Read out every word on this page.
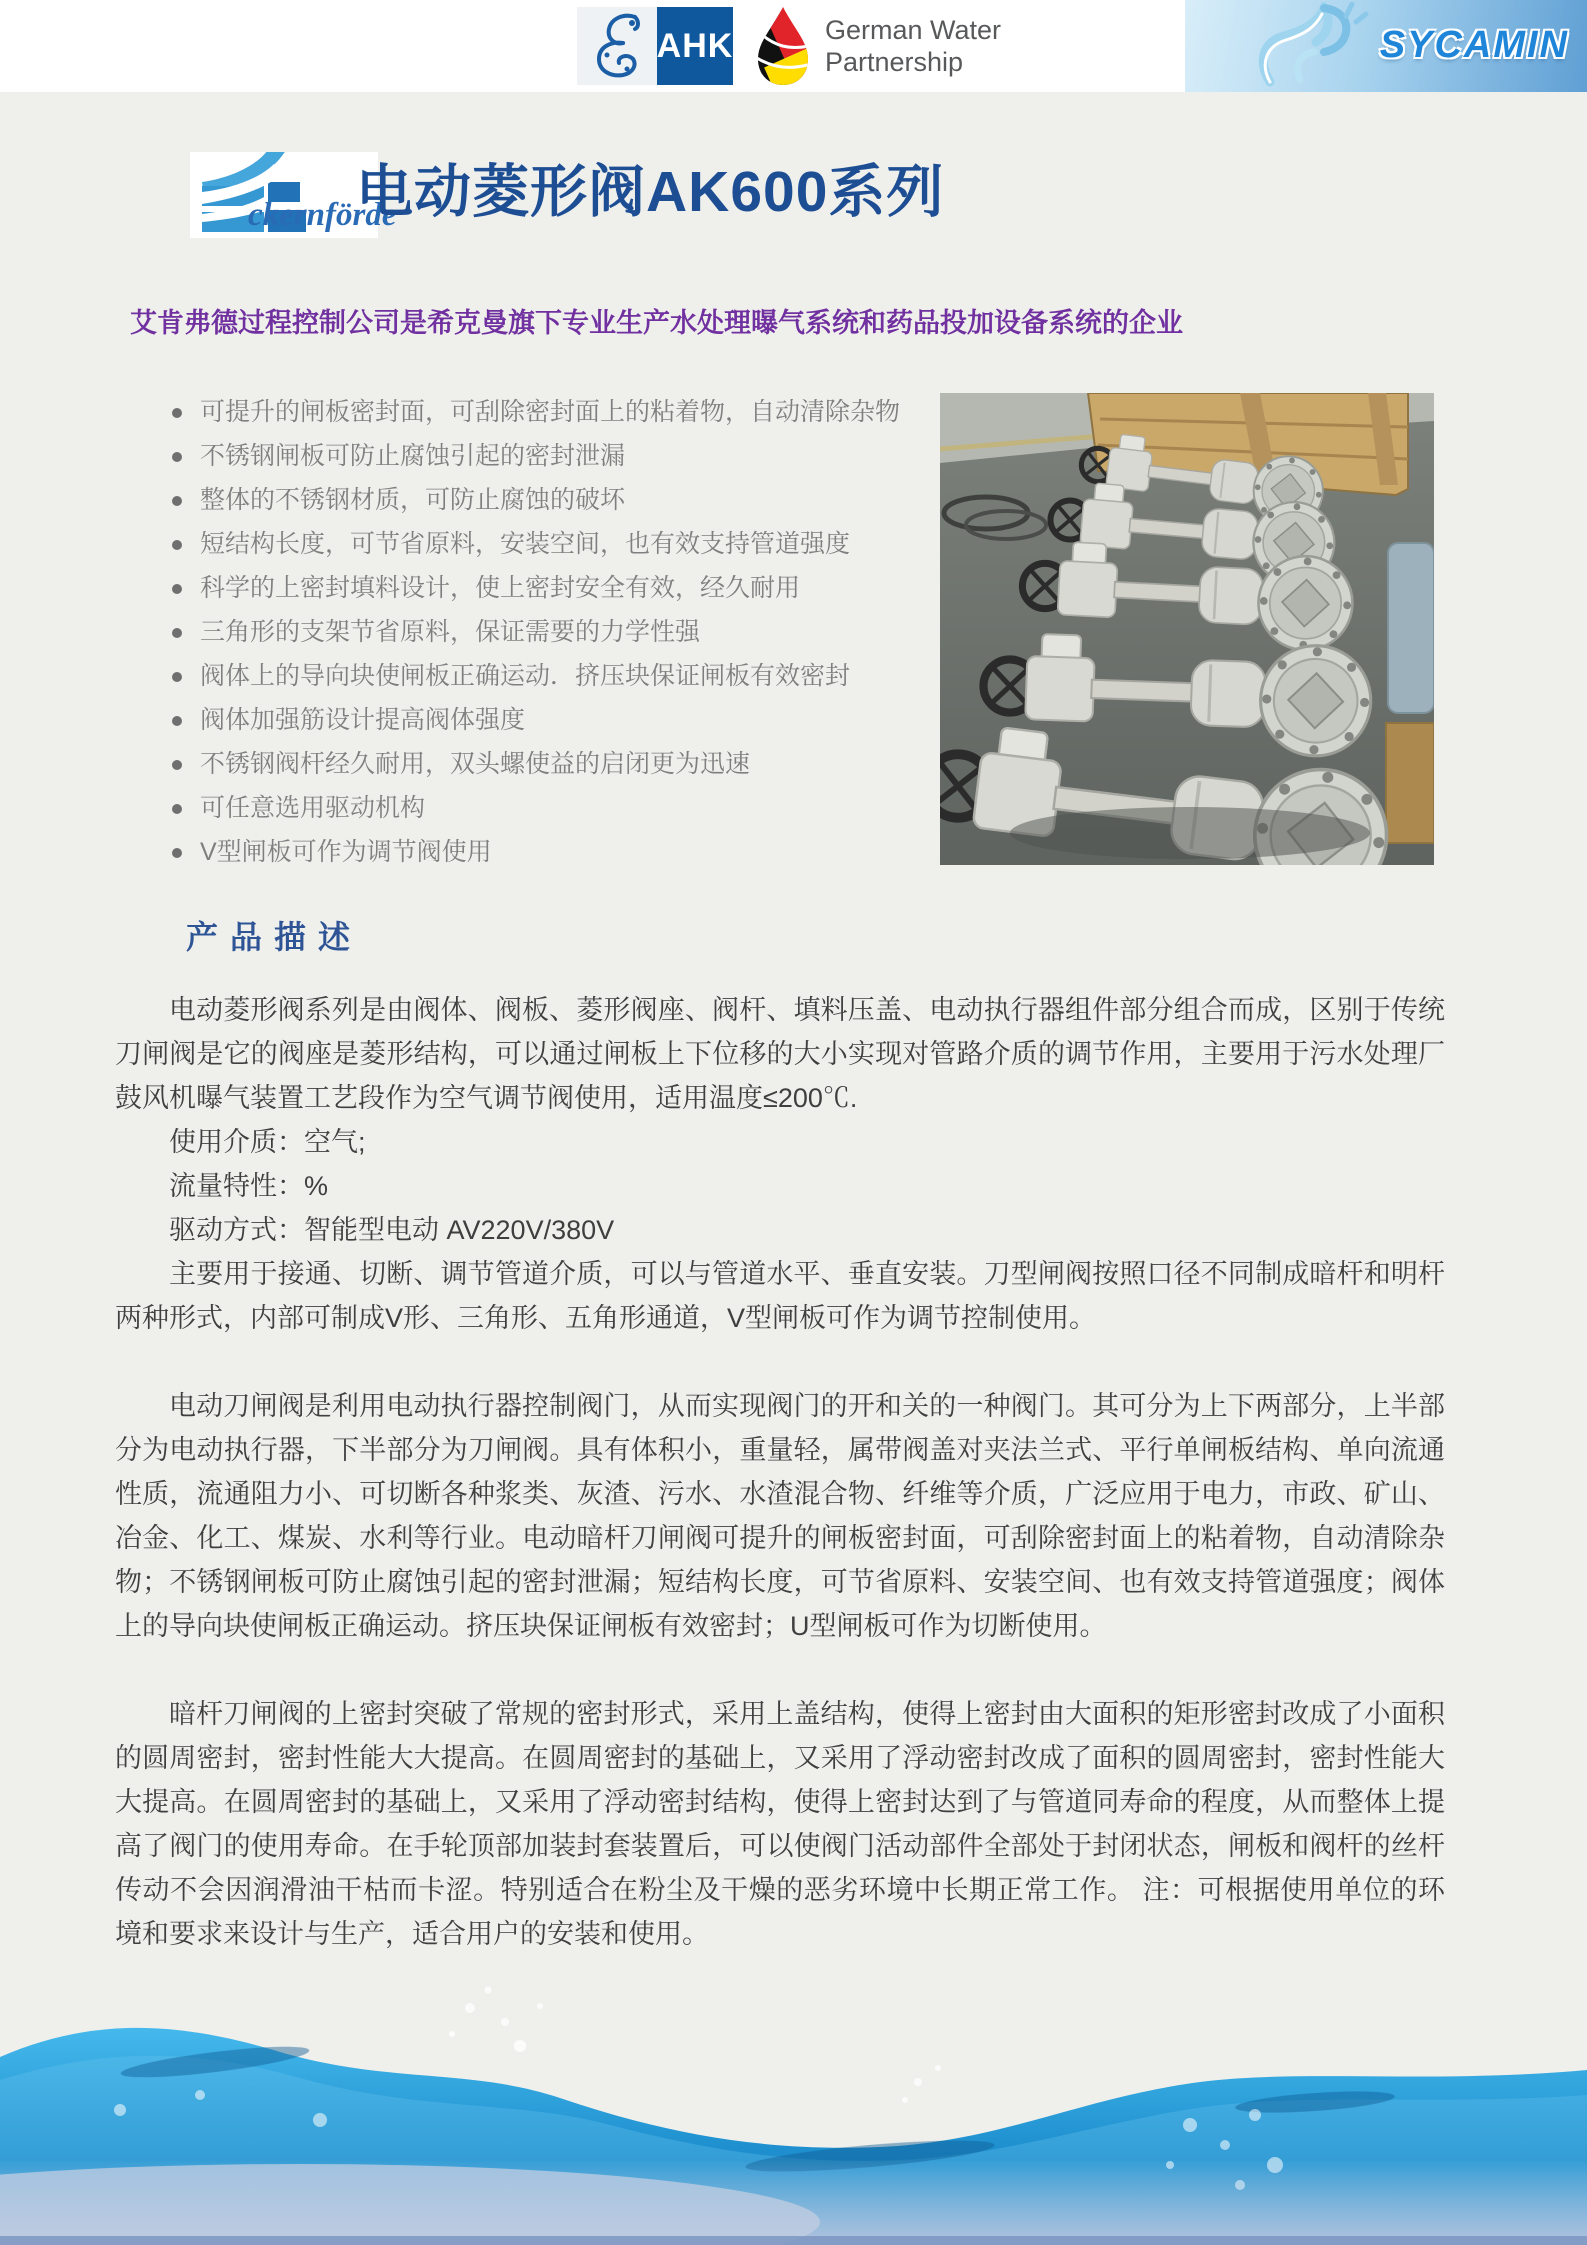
AHK	German Water
Partnership	SYCAMIN
ckernförde
电动菱形阀AK600系列
艾肯弗德过程控制公司是希克曼旗下专业生产水处理曝气系统和药品投加设备系统的企业
可提升的闸板密封面，可刮除密封面上的粘着物，自动清除杂物
不锈钢闸板可防止腐蚀引起的密封泄漏
整体的不锈钢材质，可防止腐蚀的破坏
短结构长度，可节省原料，安装空间，也有效支持管道强度
科学的上密封填料设计，使上密封安全有效，经久耐用
三角形的支架节省原料，保证需要的力学性强
阀体上的导向块使闸板正确运动．挤压块保证闸板有效密封
阀体加强筋设计提高阀体强度
不锈钢阀杆经久耐用，双头螺使益的启闭更为迅速
可任意选用驱动机构
V型闸板可作为调节阀使用
产品描述

电动菱形阀系列是由阀体、阀板、菱形阀座、阀杆、填料压盖、电动执行器组件部分组合而成，区别于传统刀闸阀是它的阀座是菱形结构，可以通过闸板上下位移的大小实现对管路介质的调节作用，主要用于污水处理厂鼓风机曝气装置工艺段作为空气调节阀使用，适用温度≤200℃.

使用介质：空气;
流量特性：%
驱动方式：智能型电动 AV220V/380V

主要用于接通、切断、调节管道介质，可以与管道水平、垂直安装。刀型闸阀按照口径不同制成暗杆和明杆两种形式，内部可制成V形、三角形、五角形通道，V型闸板可作为调节控制使用。

电动刀闸阀是利用电动执行器控制阀门，从而实现阀门的开和关的一种阀门。其可分为上下两部分，上半部分为电动执行器，下半部分为刀闸阀。具有体积小，重量轻，属带阀盖对夹法兰式、平行单闸板结构、单向流通性质，流通阻力小、可切断各种浆类、灰渣、污水、水渣混合物、纤维等介质，广泛应用于电力，市政、矿山、冶金、化工、煤炭、水利等行业。电动暗杆刀闸阀可提升的闸板密封面，可刮除密封面上的粘着物，自动清除杂物；不锈钢闸板可防止腐蚀引起的密封泄漏；短结构长度，可节省原料、安装空间、也有效支持管道强度；阀体上的导向块使闸板正确运动。挤压块保证闸板有效密封；U型闸板可作为切断使用。

暗杆刀闸阀的上密封突破了常规的密封形式，采用上盖结构，使得上密封由大面积的矩形密封改成了小面积的圆周密封，密封性能大大提高。在圆周密封的基础上，又采用了浮动密封改成了面积的圆周密封，密封性能大大提高。在圆周密封的基础上，又采用了浮动密封结构，使得上密封达到了与管道同寿命的程度，从而整体上提高了阀门的使用寿命。在手轮顶部加装封套装置后，可以使阀门活动部件全部处于封闭状态，闸板和阀杆的丝杆传动不会因润滑油干枯而卡涩。特别适合在粉尘及干燥的恶劣环境中长期正常工作。 注：可根据使用单位的环境和要求来设计与生产，适合用户的安装和使用。
